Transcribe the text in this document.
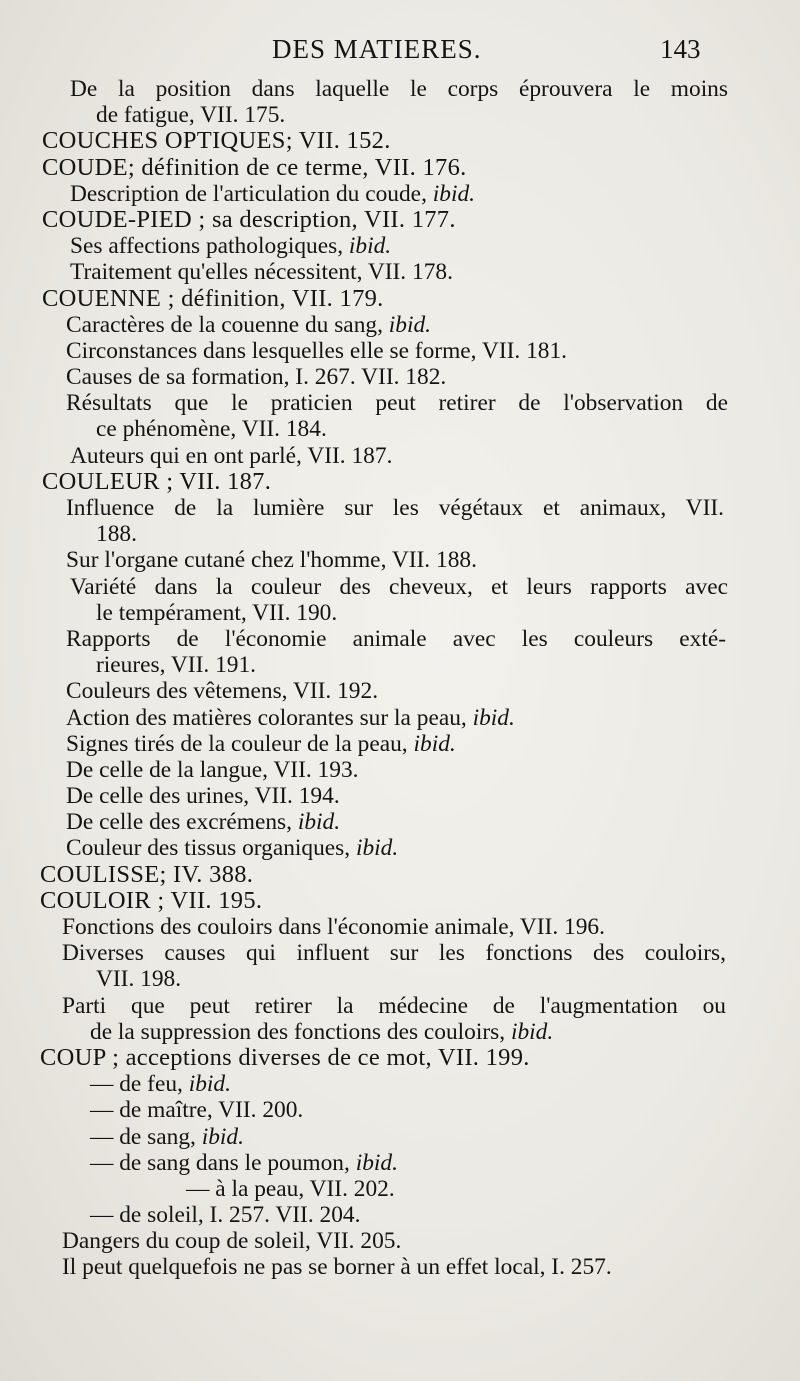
DES MATIERES.	143
De la position dans laquelle le corps éprouvera le moins
de fatigue, VII. 175.
COUCHES OPTIQUES; VII. 152.
COUDE; définition de ce terme, VII. 176.
Description de l'articulation du coude, ibid.
COUDE-PIED ; sa description, VII. 177.
Ses affections pathologiques, ibid.
Traitement qu'elles nécessitent, VII. 178.
COUENNE ; définition, VII. 179.
Caractères de la couenne du sang, ibid.
Circonstances dans lesquelles elle se forme, VII. 181.
Causes de sa formation, I. 267. VII. 182.
Résultats que le praticien peut retirer de l'observation de
ce phénomène, VII. 184.
Auteurs qui en ont parlé, VII. 187.
COULEUR ; VII. 187.
Influence de la lumière sur les végétaux et animaux, VII.
188.
Sur l'organe cutané chez l'homme, VII. 188.
Variété dans la couleur des cheveux, et leurs rapports avec
le tempérament, VII. 190.
Rapports de l'économie animale avec les couleurs exté-
rieures, VII. 191.
Couleurs des vêtemens, VII. 192.
Action des matières colorantes sur la peau, ibid.
Signes tirés de la couleur de la peau, ibid.
De celle de la langue, VII. 193.
De celle des urines, VII. 194.
De celle des excrémens, ibid.
Couleur des tissus organiques, ibid.
COULISSE; IV. 388.
COULOIR ; VII. 195.
Fonctions des couloirs dans l'économie animale, VII. 196.
Diverses causes qui influent sur les fonctions des couloirs,
VII. 198.
Parti que peut retirer la médecine de l'augmentation ou
de la suppression des fonctions des couloirs, ibid.
COUP ; acceptions diverses de ce mot, VII. 199.
— de feu, ibid.
— de maître, VII. 200.
— de sang, ibid.
— de sang dans le poumon, ibid.
— à la peau, VII. 202.
— de soleil, I. 257. VII. 204.
Dangers du coup de soleil, VII. 205.
Il peut quelquefois ne pas se borner à un effet local, I. 257.
